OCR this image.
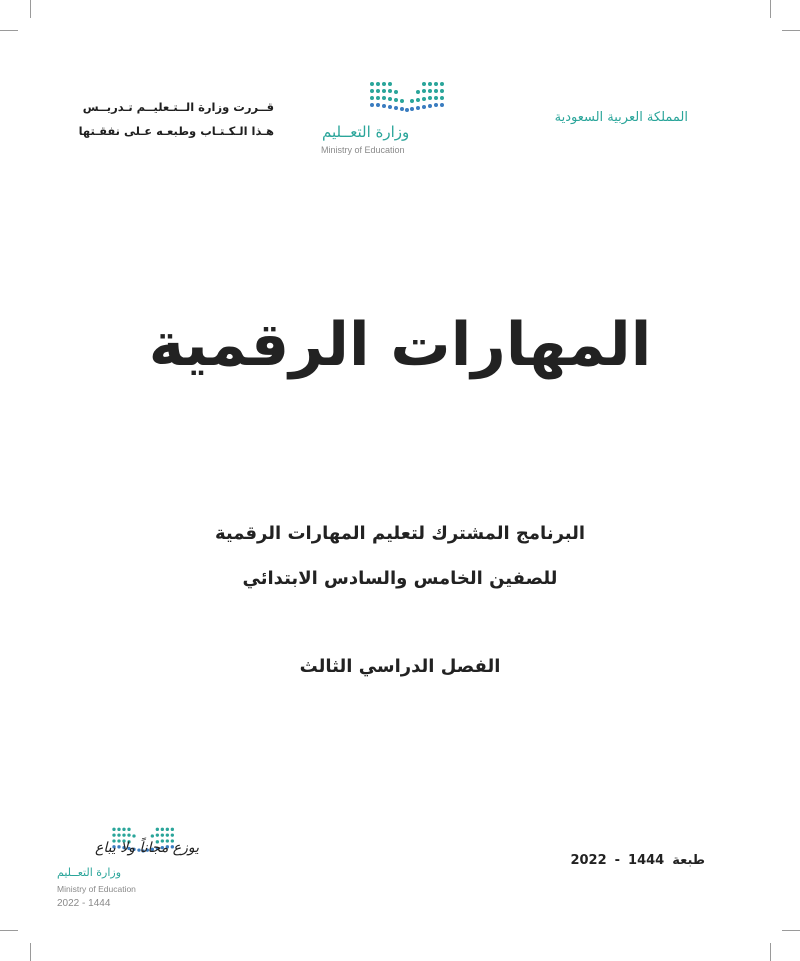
المملكة العربية السعودية
وزارة التعــليم
Ministry of Education
قــررت وزارة الــتـعليــم تـدريــس
هـذا الـكـتـاب وطبعـه عـلى نفقـتها
المهارات الرقمية
البرنامج المشترك لتعليم المهارات الرقمية
للصفين الخامس والسادس الابتدائي
الفصل الدراسي الثالث
طبعة
1444
-
2022
يوزع مجاناً ولا يباع
وزارة التعــليم
Ministry of Education
2022 - 1444
